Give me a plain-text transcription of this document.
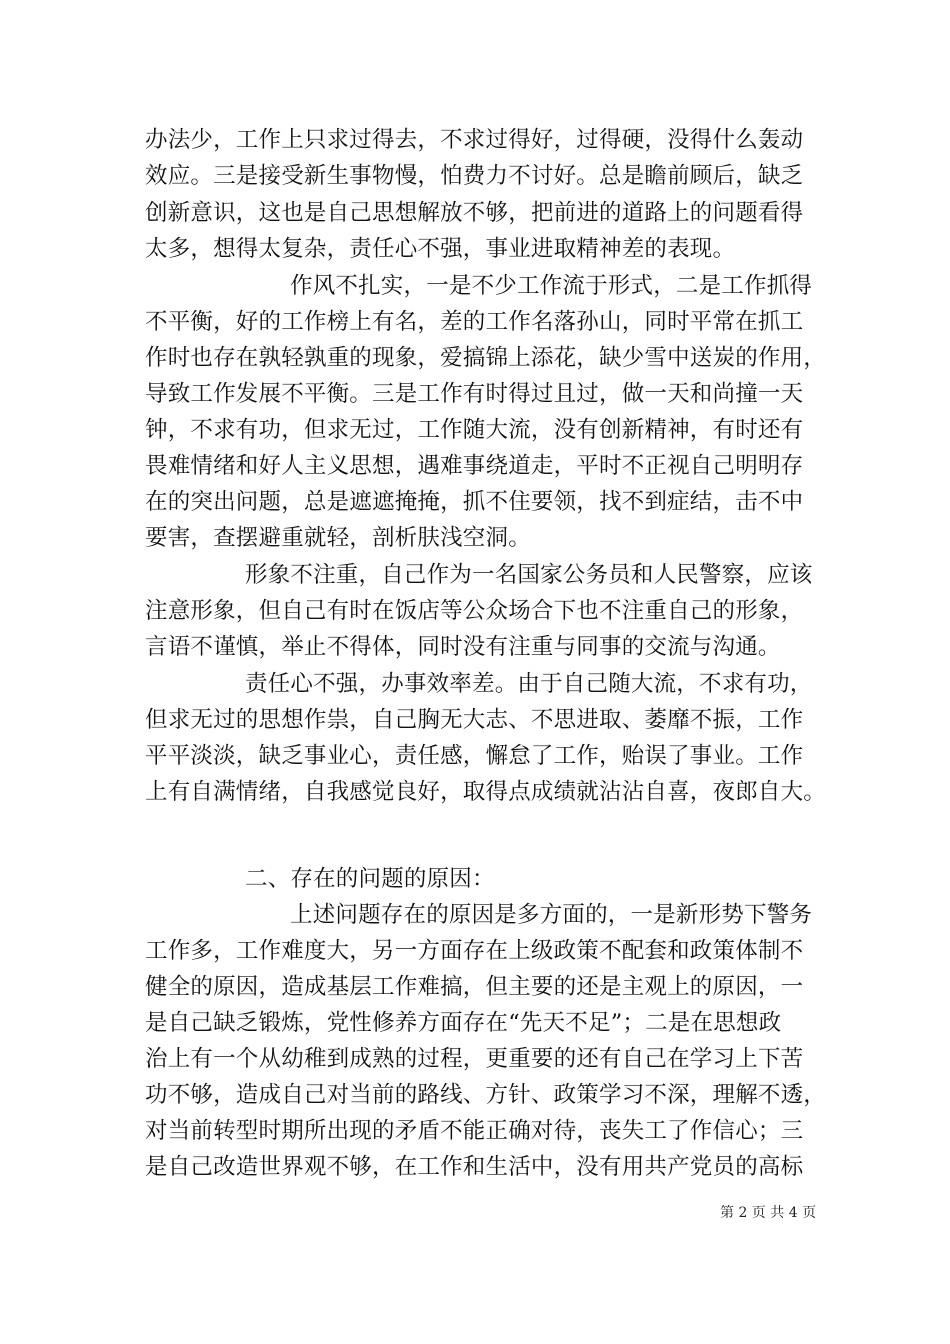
办法少，工作上只求过得去，不求过得好，过得硬，没得什么轰动
效应。三是接受新生事物慢，怕费力不讨好。总是瞻前顾后，缺乏
创新意识，这也是自己思想解放不够，把前进的道路上的问题看得
太多，想得太复杂，责任心不强，事业进取精神差的表现。
作风不扎实，一是不少工作流于形式，二是工作抓得
不平衡，好的工作榜上有名，差的工作名落孙山，同时平常在抓工
作时也存在孰轻孰重的现象，爱搞锦上添花，缺少雪中送炭的作用，
导致工作发展不平衡。三是工作有时得过且过，做一天和尚撞一天
钟，不求有功，但求无过，工作随大流，没有创新精神，有时还有
畏难情绪和好人主义思想，遇难事绕道走，平时不正视自己明明存
在的突出问题，总是遮遮掩掩，抓不住要领，找不到症结，击不中
要害，查摆避重就轻，剖析肤浅空洞。
形象不注重，自己作为一名国家公务员和人民警察，应该
注意形象，但自己有时在饭店等公众场合下也不注重自己的形象，
言语不谨慎，举止不得体，同时没有注重与同事的交流与沟通。
责任心不强，办事效率差。由于自己随大流，不求有功，
但求无过的思想作祟，自己胸无大志、不思进取、萎靡不振，工作
平平淡淡，缺乏事业心，责任感，懈怠了工作，贻误了事业。工作
上有自满情绪，自我感觉良好，取得点成绩就沾沾自喜，夜郎自大。
二、存在的问题的原因：
上述问题存在的原因是多方面的，一是新形势下警务
工作多，工作难度大，另一方面存在上级政策不配套和政策体制不
健全的原因，造成基层工作难搞，但主要的还是主观上的原因，一
是自己缺乏锻炼，党性修养方面存在“先天不足”；二是在思想政
治上有一个从幼稚到成熟的过程，更重要的还有自己在学习上下苦
功不够，造成自己对当前的路线、方针、政策学习不深，理解不透，
对当前转型时期所出现的矛盾不能正确对待，丧失工了作信心；三
是自己改造世界观不够，在工作和生活中，没有用共产党员的高标
第 2 页 共 4 页
